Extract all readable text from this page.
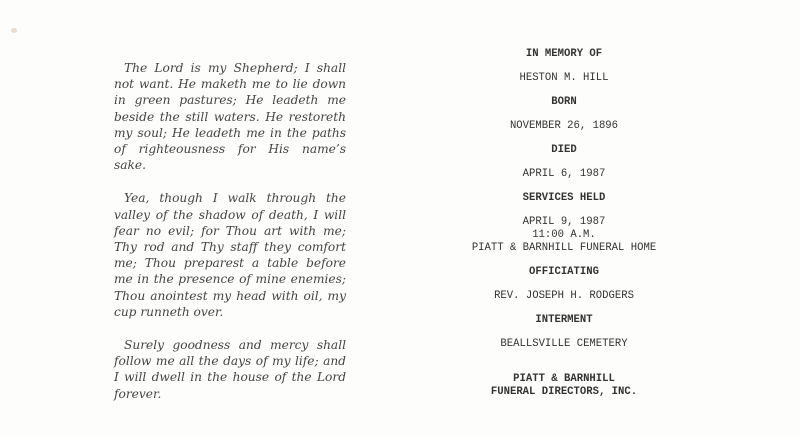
The Lord is my Shepherd; I shall not want. He maketh me to lie down in green pastures; He leadeth me beside the still waters. He restoreth my soul; He leadeth me in the paths of righteousness for His name’s sake.

Yea, though I walk through the valley of the shadow of death, I will fear no evil; for Thou art with me; Thy rod and Thy staff they comfort me; Thou preparest a table before me in the presence of mine enemies; Thou anointest my head with oil, my cup runneth over.

Surely goodness and mercy shall follow me all the days of my life; and I will dwell in the house of the Lord forever.

IN MEMORY OF
HESTON M. HILL
BORN
NOVEMBER 26, 1896
DIED
APRIL 6, 1987
SERVICES HELD
APRIL 9, 1987
11:00 A.M.
PIATT & BARNHILL FUNERAL HOME
OFFICIATING
REV. JOSEPH H. RODGERS
INTERMENT
BEALLSVILLE CEMETERY
PIATT & BARNHILL
FUNERAL DIRECTORS, INC.
